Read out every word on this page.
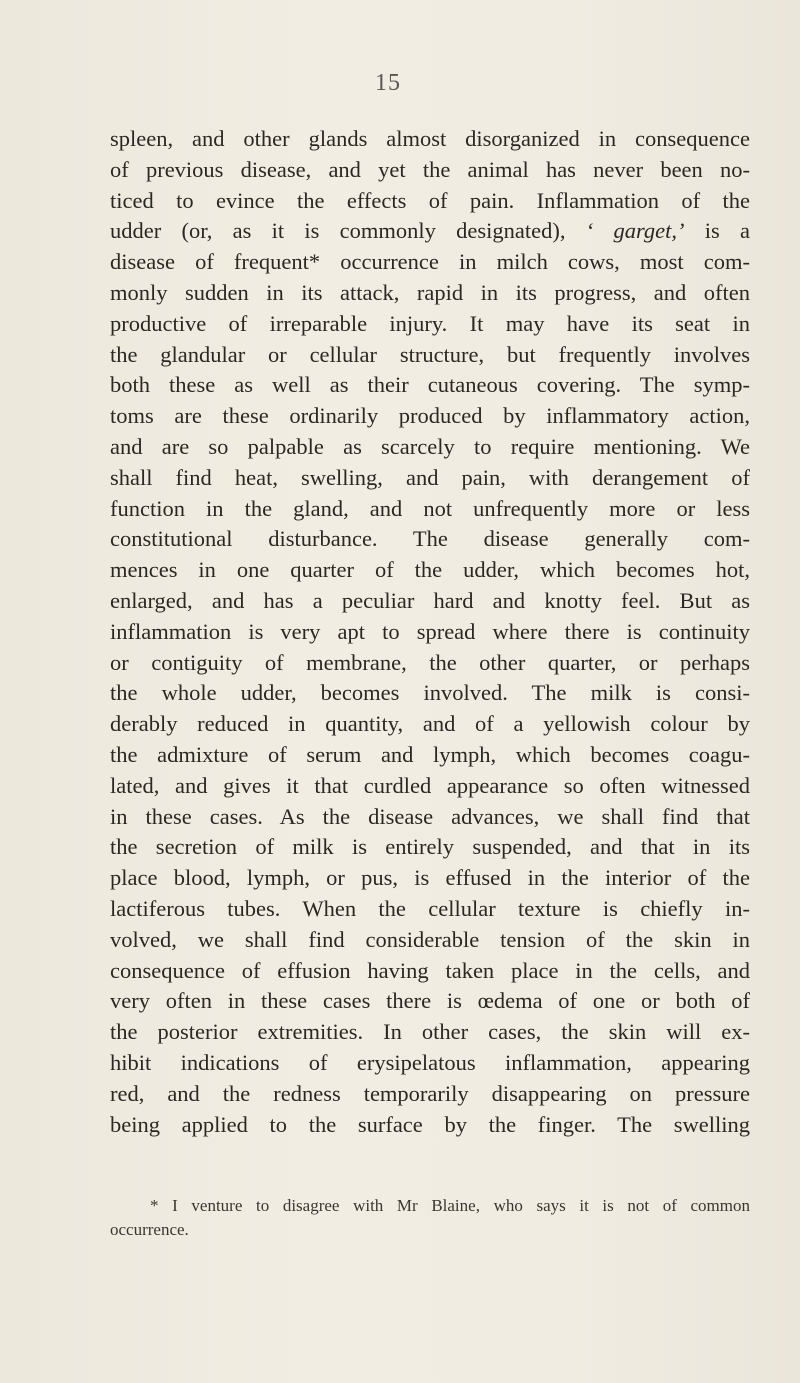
15
spleen, and other glands almost disorganized in consequence
of previous disease, and yet the animal has never been no-
ticed to evince the effects of pain. Inflammation of the
udder (or, as it is commonly designated), ‘ garget,’ is a
disease of frequent* occurrence in milch cows, most com-
monly sudden in its attack, rapid in its progress, and often
productive of irreparable injury. It may have its seat in
the glandular or cellular structure, but frequently involves
both these as well as their cutaneous covering. The symp-
toms are these ordinarily produced by inflammatory action,
and are so palpable as scarcely to require mentioning. We
shall find heat, swelling, and pain, with derangement of
function in the gland, and not unfrequently more or less
constitutional disturbance. The disease generally com-
mences in one quarter of the udder, which becomes hot,
enlarged, and has a peculiar hard and knotty feel. But as
inflammation is very apt to spread where there is continuity
or contiguity of membrane, the other quarter, or perhaps
the whole udder, becomes involved. The milk is consi-
derably reduced in quantity, and of a yellowish colour by
the admixture of serum and lymph, which becomes coagu-
lated, and gives it that curdled appearance so often witnessed
in these cases. As the disease advances, we shall find that
the secretion of milk is entirely suspended, and that in its
place blood, lymph, or pus, is effused in the interior of the
lactiferous tubes. When the cellular texture is chiefly in-
volved, we shall find considerable tension of the skin in
consequence of effusion having taken place in the cells, and
very often in these cases there is œdema of one or both of
the posterior extremities. In other cases, the skin will ex-
hibit indications of erysipelatous inflammation, appearing
red, and the redness temporarily disappearing on pressure
being applied to the surface by the finger. The swelling
* I venture to disagree with Mr Blaine, who says it is not of common
occurrence.
